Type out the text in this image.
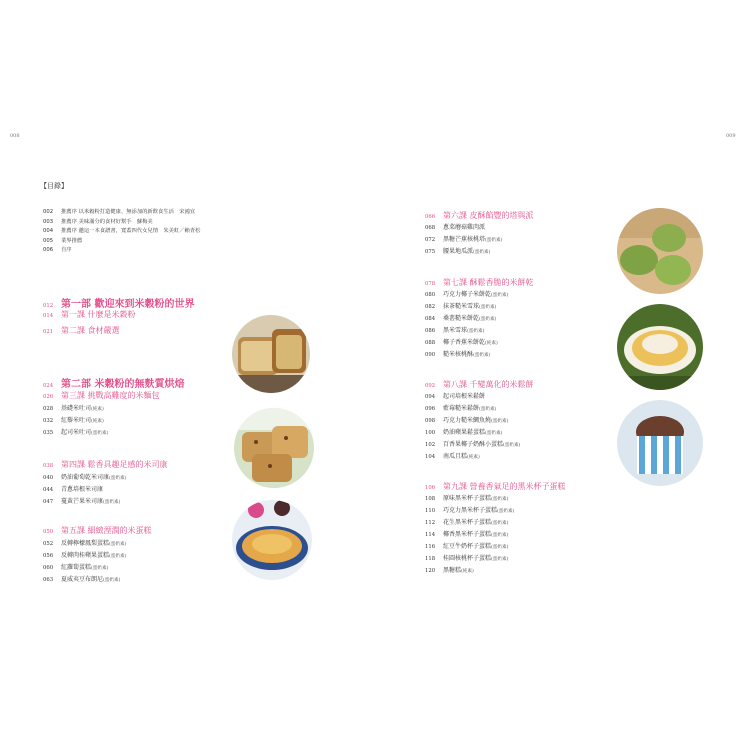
008	009
【目錄】
002 推薦序 以米穀粉打造健康、無添加的新飲食生活　宋鴻宜
003 推薦序 美味滿分的食材好幫手　蘇梅美
004 推薦序 邀這一本食譜書，寬蓋四代女兒情　朱美虹／賴青松
005 業界推薦
006 自序
012 第一部 歡迎來到米穀粉的世界
014 第一課 什麼是米穀粉
021 第二課 食材嚴選
024 第二部 米穀粉的無麩質烘焙
026 第三課 挑戰高難度的米麵包
028 基礎米吐司(純素)
032 紅藜米吐司(純素)
035 起司米吐司(蛋奶素)
038 第四課 鬆香具趣足感的米司康
040 奶油葡萄乾米司康(蛋奶素)
044 青蔥培根米司康
047 蔓黃芒果米司康(蛋奶素)
050 第五課 細緻溼潤的米蛋糕
052 反轉檸檬鳳梨蛋糕(蛋奶素)
056 反轉肉桂蘋果蛋糕(蛋奶素)
060 紅蘿蔔蛋糕(蛋奶素)
063 夏威夷豆布朗尼(蛋奶素)
066 第六課 皮酥餡豐的塔與派
068 蔥菜蘑菇雞肉派
072 黑糖芒蕉核桃塔(蛋奶素)
075 腰果地瓜派(蛋奶素)
078 第七課 酥鬆香脆的米餅乾
080 巧克力椰子米餅乾(蛋奶素)
082 抹茶糙米雪球(蛋奶素)
084 桑葚糙米餅乾(蛋奶素)
086 黑米雪球(蛋奶素)
088 椰子香蕉米餅乾(純素)
090 糙米核桃酥(蛋奶素)
092 第八課 千變萬化的米鬆餅
094 起司培根米鬆餅
096 藍莓糙米鬆餅(蛋奶素)
098 巧克力糙米鯛魚燒(蛋奶素)
100 奶油蘋果鬆蛋糕(蛋奶素)
102 百香果椰子奶酥小蛋糕(蛋奶素)
104 南瓜且糕(純素)
106 第九課 營養香氣足的黑米杯子蛋糕
108 原味黑米杯子蛋糕(蛋奶素)
110 巧克力黑米杯子蛋糕(蛋奶素)
112 花生黑米杯子蛋糕(蛋奶素)
114 椰香黑米杯子蛋糕(蛋奶素)
116 紅豆牛奶杯子蛋糕(蛋奶素)
118 桂圓核桃杯子蛋糕(蛋奶素)
120 黑糖糕(純素)
